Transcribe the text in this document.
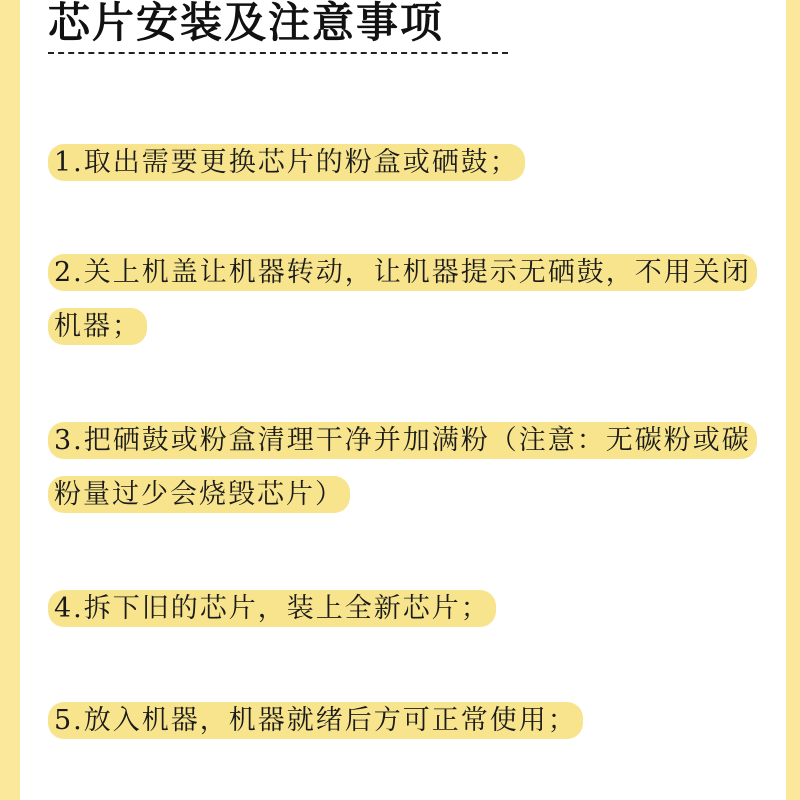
芯片安装及注意事项
1.取出需要更换芯片的粉盒或硒鼓；
2.关上机盖让机器转动，让机器提示无硒鼓，不用关闭机器；
3.把硒鼓或粉盒清理干净并加满粉（注意：无碳粉或碳粉量过少会烧毁芯片）
4.拆下旧的芯片，装上全新芯片；
5.放入机器，机器就绪后方可正常使用；
